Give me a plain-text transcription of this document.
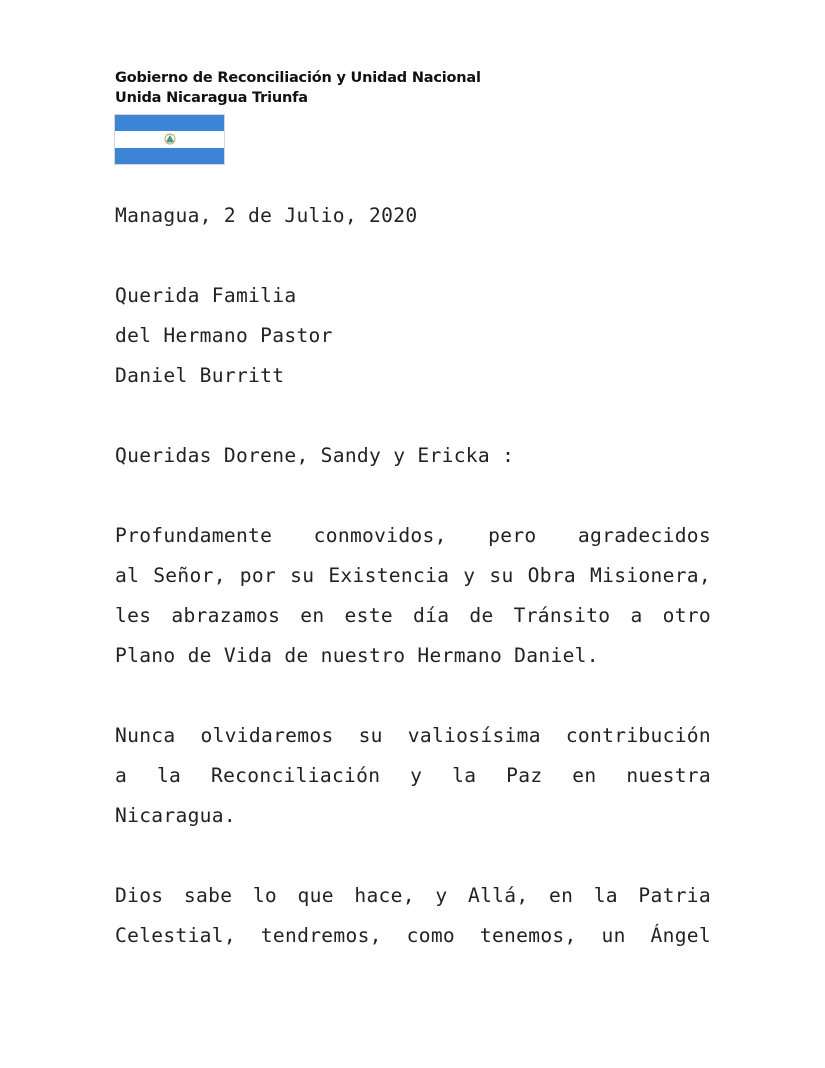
Gobierno de Reconciliación y Unidad Nacional
Unida Nicaragua Triunfa
Managua, 2 de Julio, 2020
Querida Familia
del Hermano Pastor
Daniel Burritt
Queridas Dorene, Sandy y Ericka :
Profundamente conmovidos, pero agradecidos
al Señor, por su Existencia y su Obra Misionera,
les abrazamos en este día de Tránsito a otro
Plano de Vida de nuestro Hermano Daniel.
Nunca olvidaremos su valiosísima contribución
a la Reconciliación y la Paz en nuestra
Nicaragua.
Dios sabe lo que hace, y Allá, en la Patria
Celestial, tendremos, como tenemos, un Ángel
